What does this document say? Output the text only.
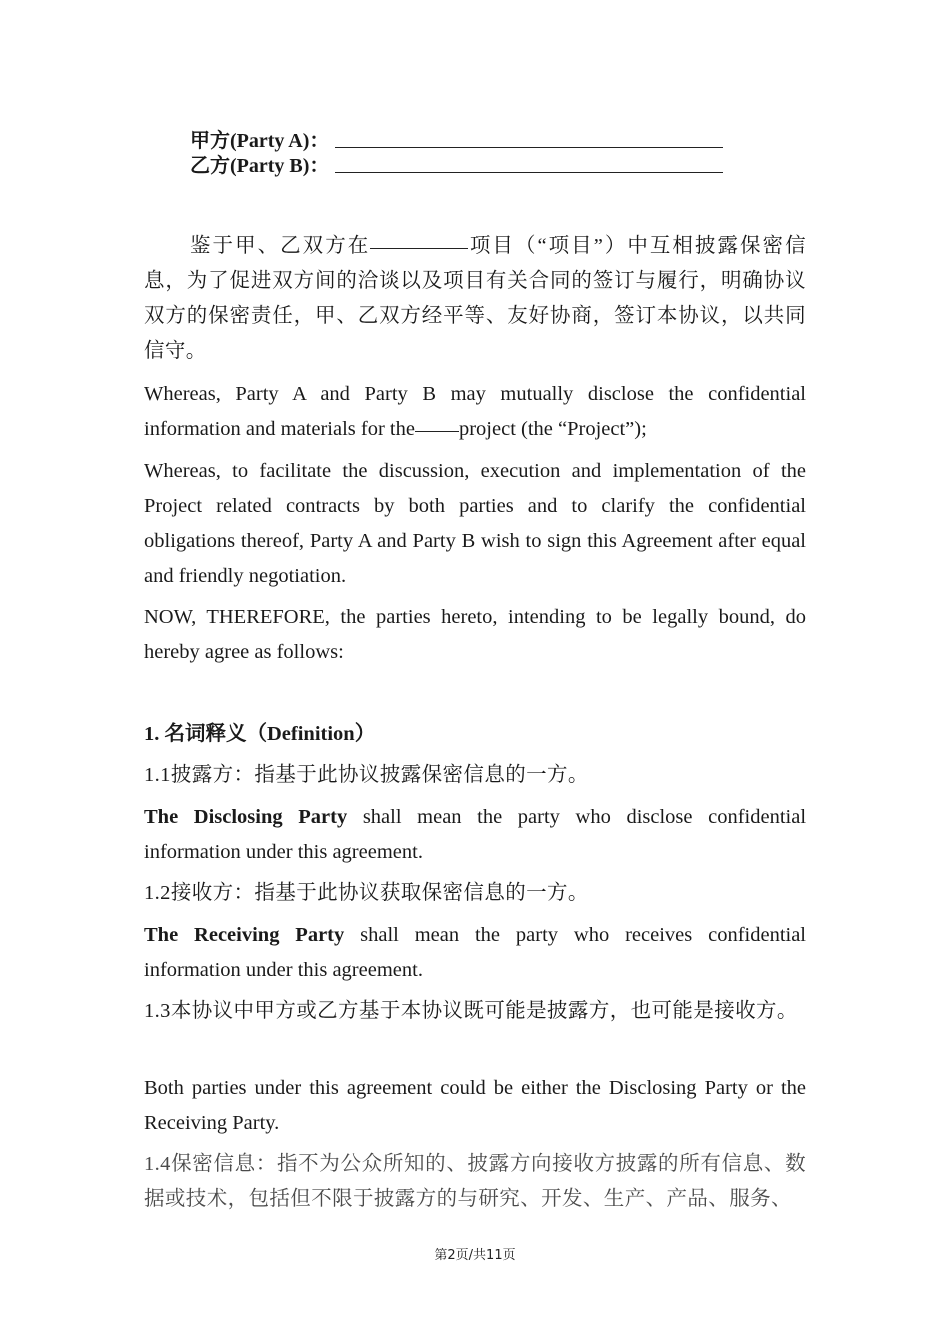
甲方(Party A)：
乙方(Party B)：

鉴于甲、乙双方在	项目（“项目”）中互相披露保密信息，为了促进双方间的洽谈以及项目有关合同的签订与履行，明确协议双方的保密责任，甲、乙双方经平等、友好协商，签订本协议，以共同信守。

Whereas, Party A and Party B may mutually disclose the confidential information and materials for the project (the “Project”);

Whereas, to facilitate the discussion, execution and implementation of the Project related contracts by both parties and to clarify the confidential obligations thereof, Party A and Party B wish to sign this Agreement after equal and friendly negotiation.

NOW, THEREFORE, the parties hereto, intending to be legally bound, do hereby agree as follows:

1. 名词释义（Definition）

1.1披露方：指基于此协议披露保密信息的一方。

The Disclosing Party shall mean the party who disclose confidential information under this agreement.

1.2接收方：指基于此协议获取保密信息的一方。

The Receiving Party shall mean the party who receives confidential information under this agreement.

1.3本协议中甲方或乙方基于本协议既可能是披露方，也可能是接收方。

Both parties under this agreement could be either the Disclosing Party or the Receiving Party.

1.4保密信息：指不为公众所知的、披露方向接收方披露的所有信息、数据或技术，包括但不限于披露方的与研究、开发、生产、产品、服务、

第2页/共11页
